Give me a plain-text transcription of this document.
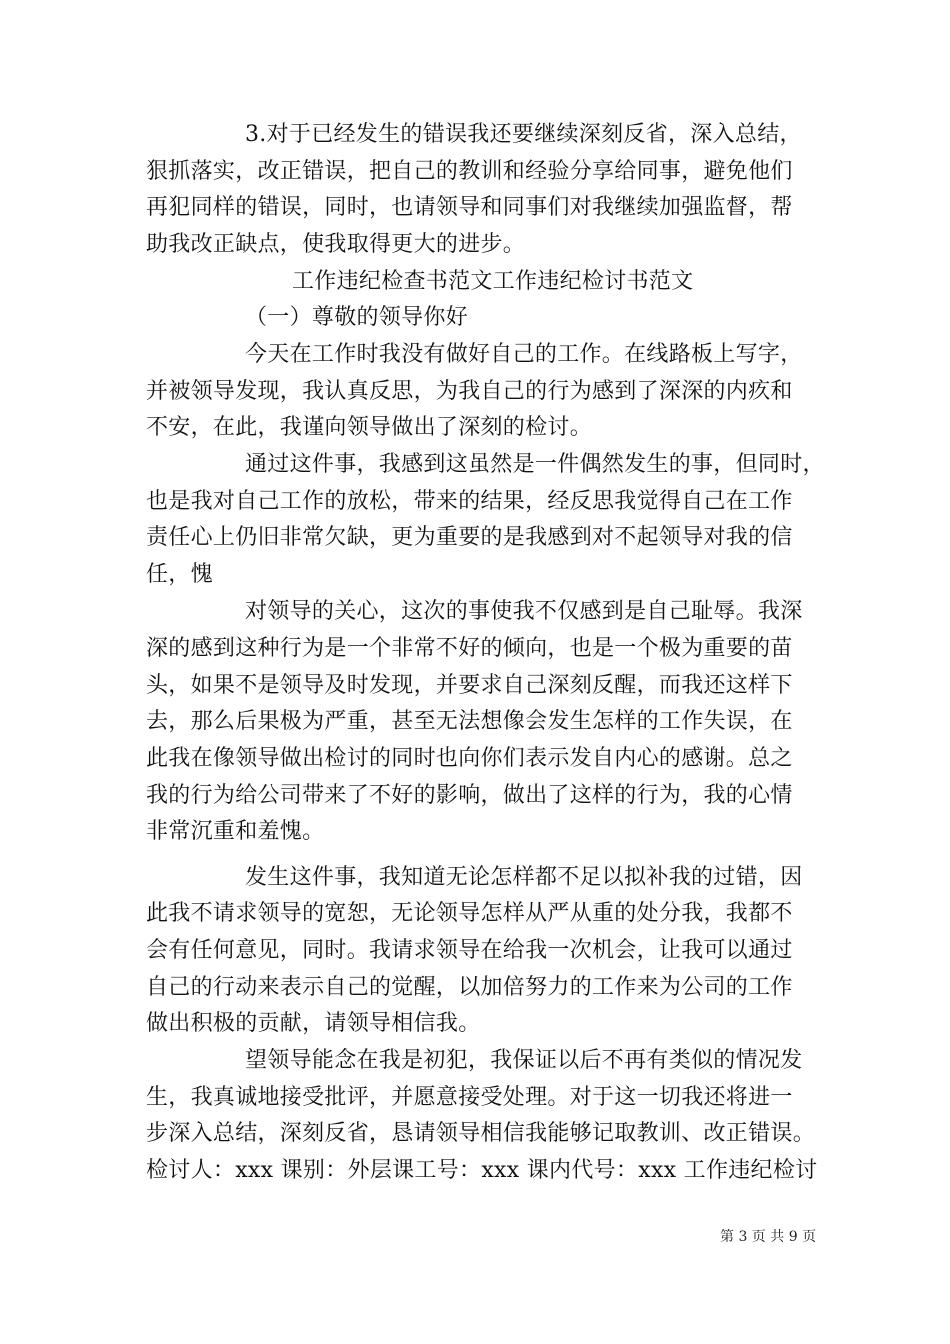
3.对于已经发生的错误我还要继续深刻反省，深入总结，
狠抓落实，改正错误，把自己的教训和经验分享给同事，避免他们
再犯同样的错误，同时，也请领导和同事们对我继续加强监督，帮
助我改正缺点，使我取得更大的进步。
工作违纪检查书范文工作违纪检讨书范文
（一）尊敬的领导你好
今天在工作时我没有做好自己的工作。在线路板上写字，
并被领导发现，我认真反思，为我自己的行为感到了深深的内疚和
不安，在此，我谨向领导做出了深刻的检讨。
通过这件事，我感到这虽然是一件偶然发生的事，但同时，
也是我对自己工作的放松，带来的结果，经反思我觉得自己在工作
责任心上仍旧非常欠缺，更为重要的是我感到对不起领导对我的信
任，愧
对领导的关心，这次的事使我不仅感到是自己耻辱。我深
深的感到这种行为是一个非常不好的倾向，也是一个极为重要的苗
头，如果不是领导及时发现，并要求自己深刻反醒，而我还这样下
去，那么后果极为严重，甚至无法想像会发生怎样的工作失误，在
此我在像领导做出检讨的同时也向你们表示发自内心的感谢。总之
我的行为给公司带来了不好的影响，做出了这样的行为，我的心情
非常沉重和羞愧。
发生这件事，我知道无论怎样都不足以拟补我的过错，因
此我不请求领导的宽恕，无论领导怎样从严从重的处分我，我都不
会有任何意见，同时。我请求领导在给我一次机会，让我可以通过
自己的行动来表示自己的觉醒，以加倍努力的工作来为公司的工作
做出积极的贡献，请领导相信我。
望领导能念在我是初犯，我保证以后不再有类似的情况发
生，我真诚地接受批评，并愿意接受处理。对于这一切我还将进一
步深入总结，深刻反省，恳请领导相信我能够记取教训、改正错误。
检讨人：xxx 课别：外层课工号：xxx 课内代号：xxx 工作违纪检讨
第 3 页 共 9 页
